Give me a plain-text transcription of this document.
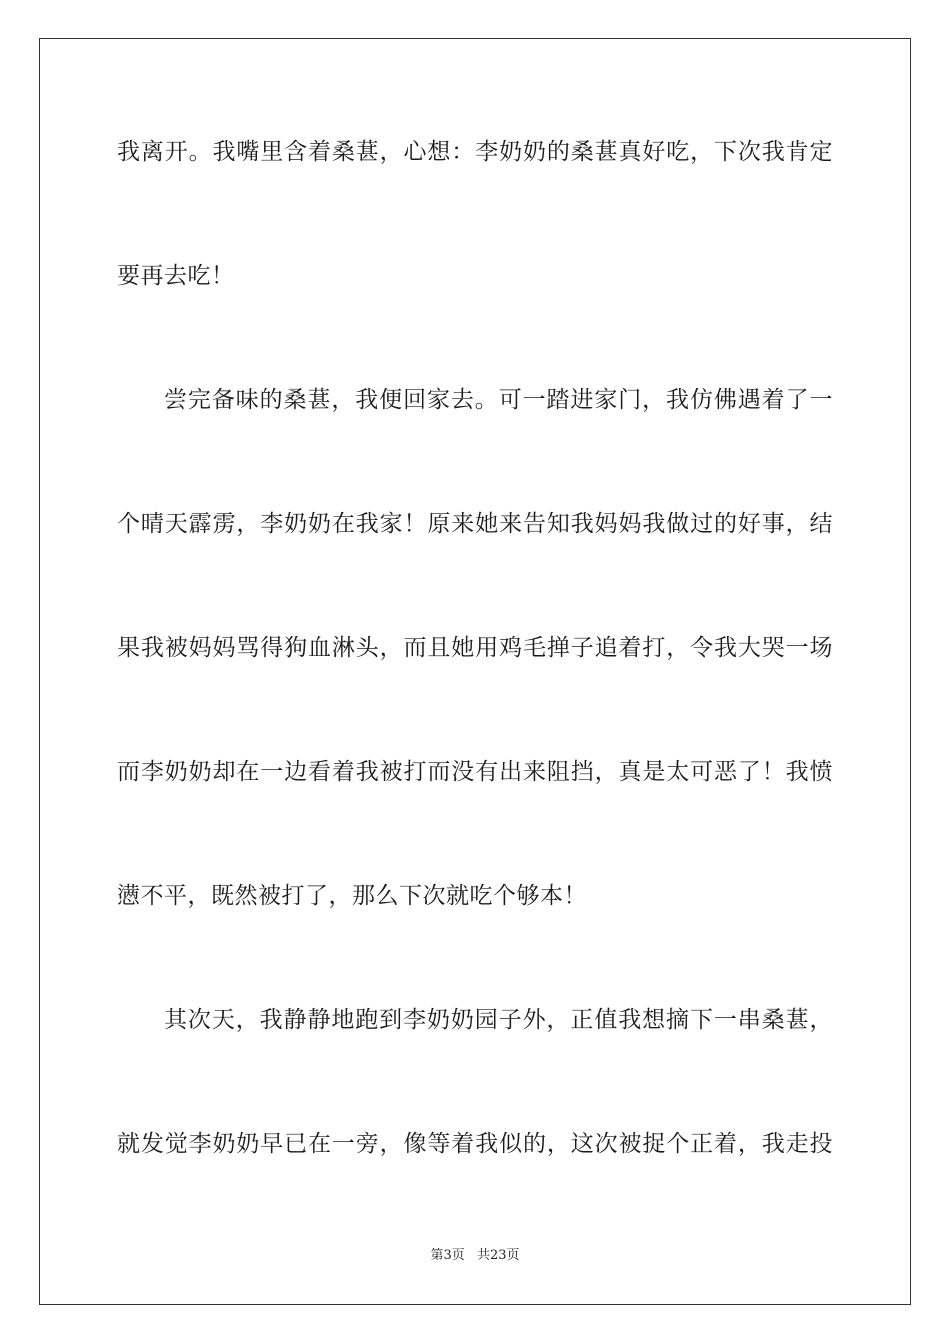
我离开。我嘴里含着桑葚，心想：李奶奶的桑葚真好吃，下次我肯定
要再去吃！
尝完备味的桑葚，我便回家去。可一踏进家门，我仿佛遇着了一
个晴天霹雳，李奶奶在我家！原来她来告知我妈妈我做过的好事，结
果我被妈妈骂得狗血淋头，而且她用鸡毛掸子追着打，令我大哭一场
而李奶奶却在一边看着我被打而没有出来阻挡，真是太可恶了！我愤
懑不平，既然被打了，那么下次就吃个够本！
其次天，我静静地跑到李奶奶园子外，正值我想摘下一串桑葚，
就发觉李奶奶早已在一旁，像等着我似的，这次被捉个正着，我走投
第3页 共23页
